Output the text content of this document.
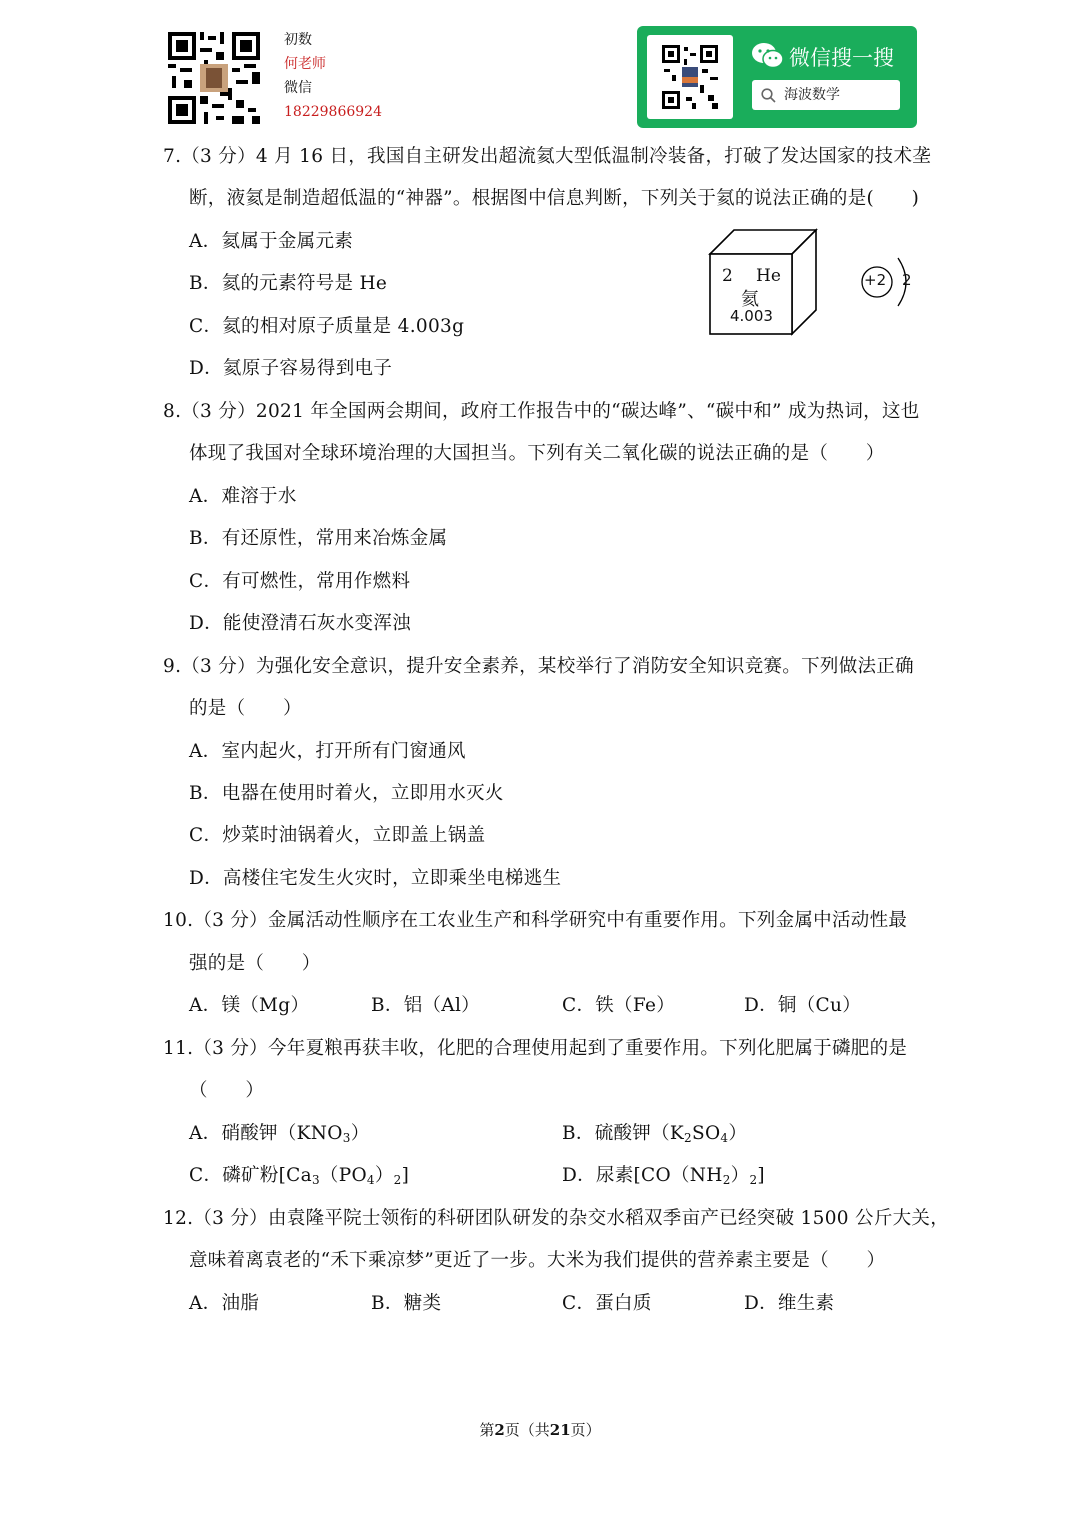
初数
何老师
微信
18229866924
微信搜一搜
海波数学
7.（3 分）4 月 16 日，我国自主研发出超流氦大型低温制冷装备，打破了发达国家的技术垄
断，液氦是制造超低温的“神器”。根据图中信息判断，下列关于氦的说法正确的是(　　)
A．氦属于金属元素
B．氦的元素符号是 He
C．氦的相对原子质量是 4.003g
D．氦原子容易得到电子
2 He
氦
4.003
+2 2
8.（3 分）2021 年全国两会期间，政府工作报告中的“碳达峰”、“碳中和” 成为热词，这也
体现了我国对全球环境治理的大国担当。下列有关二氧化碳的说法正确的是（　　）
A．难溶于水
B．有还原性，常用来冶炼金属
C．有可燃性，常用作燃料
D．能使澄清石灰水变浑浊
9.（3 分）为强化安全意识，提升安全素养，某校举行了消防安全知识竞赛。下列做法正确
的是（　　）
A．室内起火，打开所有门窗通风
B．电器在使用时着火，立即用水灭火
C．炒菜时油锅着火，立即盖上锅盖
D．高楼住宅发生火灾时，立即乘坐电梯逃生
10.（3 分）金属活动性顺序在工农业生产和科学研究中有重要作用。下列金属中活动性最
强的是（　　）
A．镁（Mg）	B．铝（Al）	C．铁（Fe）	D．铜（Cu）
11.（3 分）今年夏粮再获丰收，化肥的合理使用起到了重要作用。下列化肥属于磷肥的是
（　　）
A．硝酸钾$(KNO_3)$	B．硫酸钾$(K_2SO_4)$
C．磷矿粉$[Ca_3(PO_4)_2]$	D．尿素$[CO(NH_2)_2]$
12.（3 分）由袁隆平院士领衔的科研团队研发的杂交水稻双季亩产已经突破 1500 公斤大关，
意味着离袁老的“禾下乘凉梦”更近了一步。大米为我们提供的营养素主要是（　　）
A．油脂	B．糖类	C．蛋白质	D．维生素
第2页（共21页）
